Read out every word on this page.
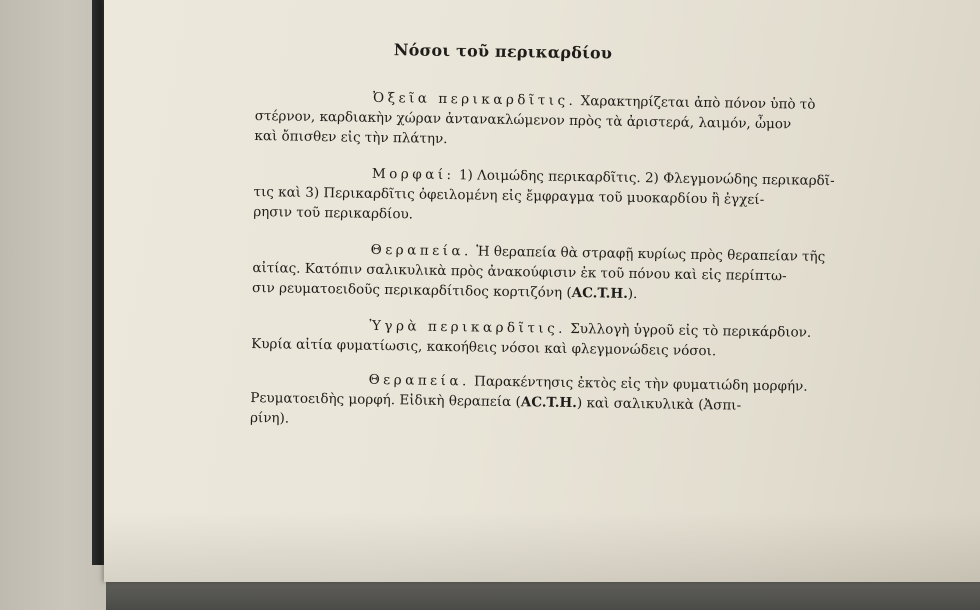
Νόσοι τοῦ περικαρδίου
Ὀξεῖα περικαρδῖτις. Χαρακτηρίζεται ἀπὸ πόνον ὑπὸ τὸ
στέρνον, καρδιακὴν χώραν ἀντανακλώμενον πρὸς τὰ ἀριστερά, λαιμόν, ὦμον
καὶ ὄπισθεν εἰς τὴν πλάτην.
Μορφαί: 1) Λοιμώδης περικαρδῖτις. 2) Φλεγμονώδης περικαρδῖ-
τις καὶ 3) Περικαρδῖτις ὀφειλομένη εἰς ἔμφραγμα τοῦ μυοκαρδίου ἢ ἐγχεί-
ρησιν τοῦ περικαρδίου.
Θεραπεία. Ἡ θεραπεία θὰ στραφῇ κυρίως πρὸς θεραπείαν τῆς
αἰτίας. Κατόπιν σαλικυλικὰ πρὸς ἀνακούφισιν ἐκ τοῦ πόνου καὶ εἰς περίπτω-
σιν ρευματοειδοῦς περικαρδίτιδος κορτιζόνη (AC.T.H.).
Ὑγρὰ περικαρδῖτις. Συλλογὴ ὑγροῦ εἰς τὸ περικάρδιον.
Κυρία αἰτία φυματίωσις, κακοήθεις νόσοι καὶ φλεγμονώδεις νόσοι.
Θεραπεία. Παρακέντησις ἐκτὸς εἰς τὴν φυματιώδη μορφήν.
Ρευματοειδὴς μορφή. Εἰδικὴ θεραπεία (AC.T.H.) καὶ σαλικυλικὰ (Ἀσπι-
ρίνη).
